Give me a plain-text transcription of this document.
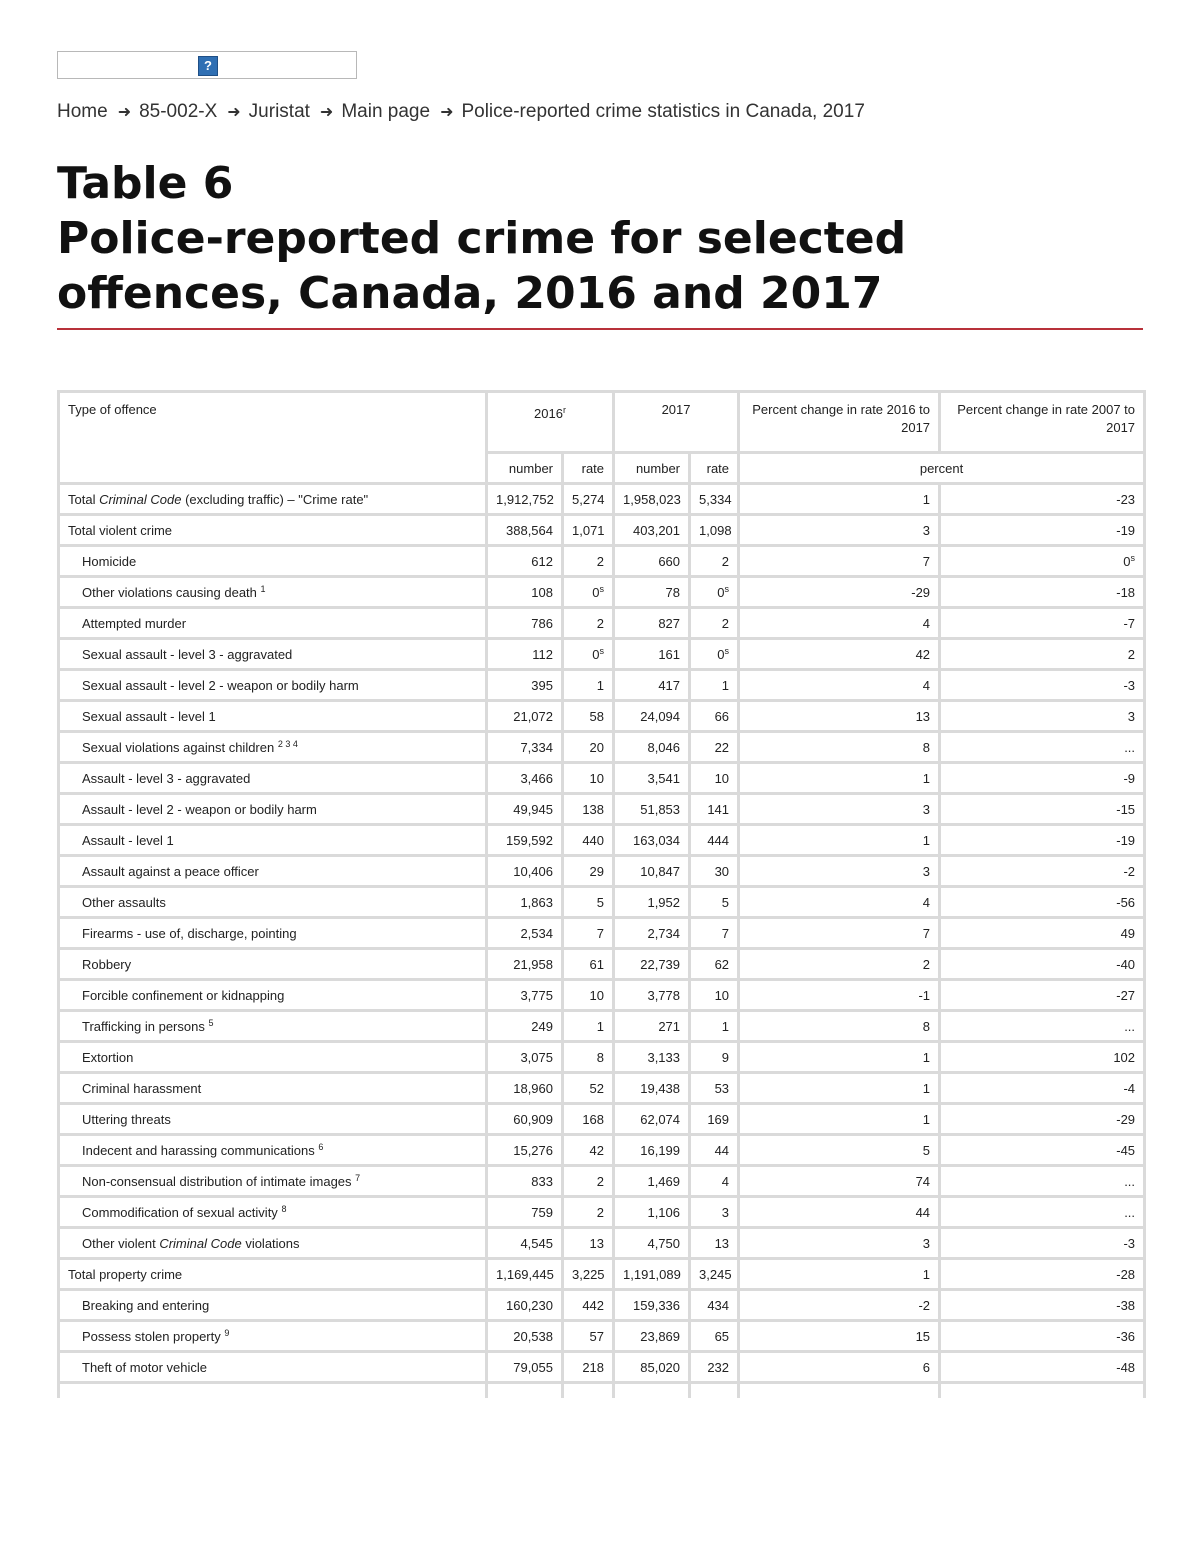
?
Home ➜ 85-002-X ➜ Juristat ➜ Main page ➜ Police-reported crime statistics in Canada, 2017
Table 6
Police-reported crime for selected offences, Canada, 2016 and 2017
Type of offence	2016$^r$		2017		Percent change in rate 2016 to 2017	Percent change in rate 2007 to 2017
	number	rate	number	rate	percent	
Total Criminal Code (excluding traffic) – "Crime rate"	1,912,752	5,274	1,958,023	5,334	1	-23
Total violent crime	388,564	1,071	403,201	1,098	3	-19
Homicide	612	2	660	2	7	0$^s$
Other violations causing death $^1$	108	0$^s$	78	0$^s$	-29	-18
Attempted murder	786	2	827	2	4	-7
Sexual assault - level 3 - aggravated	112	0$^s$	161	0$^s$	42	2
Sexual assault - level 2 - weapon or bodily harm	395	1	417	1	4	-3
Sexual assault - level 1	21,072	58	24,094	66	13	3
Sexual violations against children $^{2 3 4}$	7,334	20	8,046	22	8	...
Assault - level 3 - aggravated	3,466	10	3,541	10	1	-9
Assault - level 2 - weapon or bodily harm	49,945	138	51,853	141	3	-15
Assault - level 1	159,592	440	163,034	444	1	-19
Assault against a peace officer	10,406	29	10,847	30	3	-2
Other assaults	1,863	5	1,952	5	4	-56
Firearms - use of, discharge, pointing	2,534	7	2,734	7	7	49
Robbery	21,958	61	22,739	62	2	-40
Forcible confinement or kidnapping	3,775	10	3,778	10	-1	-27
Trafficking in persons $^5$	249	1	271	1	8	...
Extortion	3,075	8	3,133	9	1	102
Criminal harassment	18,960	52	19,438	53	1	-4
Uttering threats	60,909	168	62,074	169	1	-29
Indecent and harassing communications $^6$	15,276	42	16,199	44	5	-45
Non-consensual distribution of intimate images $^7$	833	2	1,469	4	74	...
Commodification of sexual activity $^8$	759	2	1,106	3	44	...
Other violent Criminal Code violations	4,545	13	4,750	13	3	-3
Total property crime	1,169,445	3,225	1,191,089	3,245	1	-28
Breaking and entering	160,230	442	159,336	434	-2	-38
Possess stolen property $^9$	20,538	57	23,869	65	15	-36
Theft of motor vehicle	79,055	218	85,020	232	6	-48
